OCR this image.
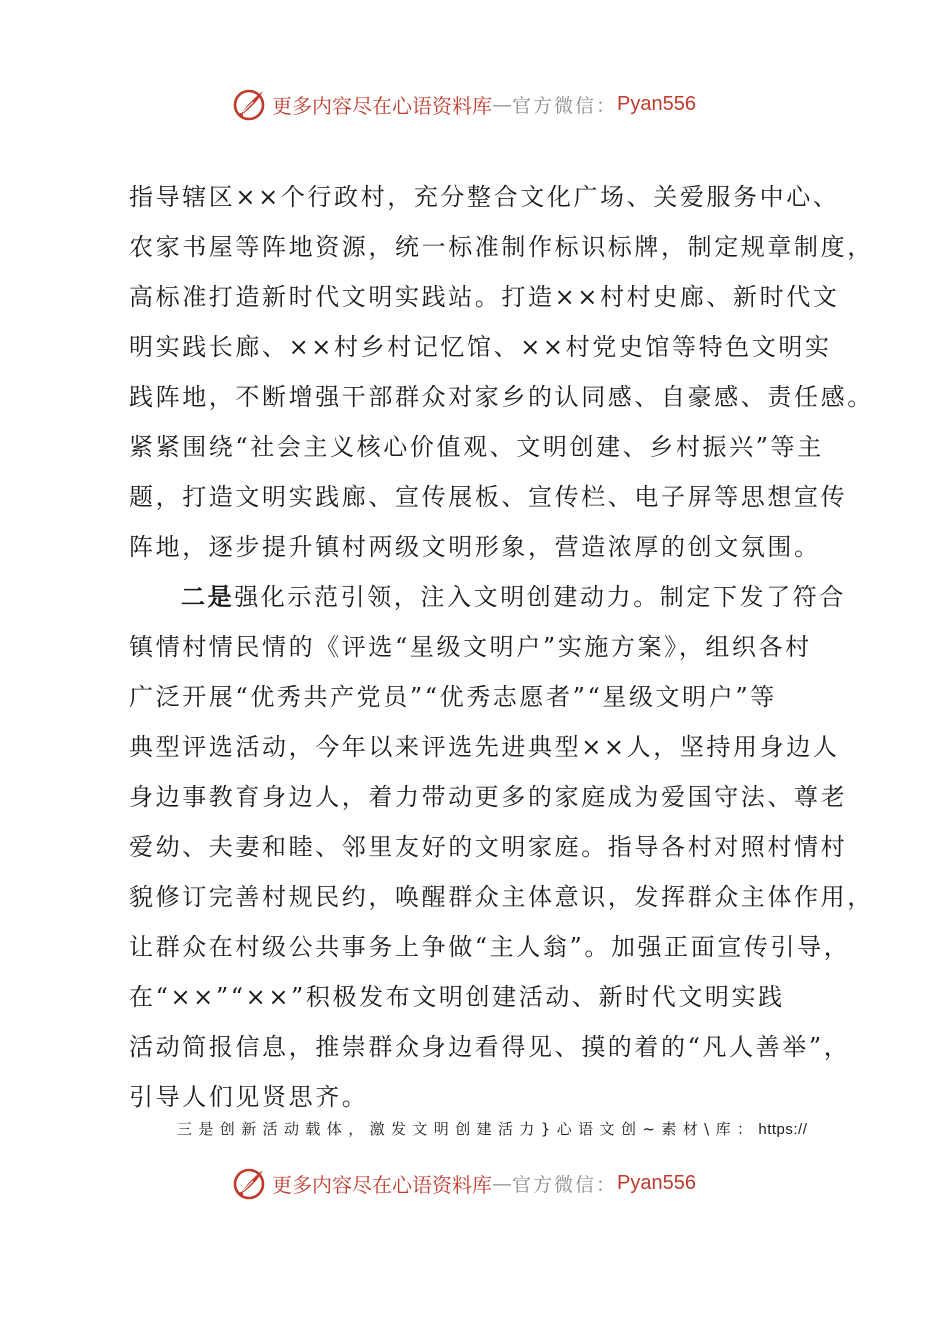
更多内容尽在心语资料库 — 官方微信： Pyan556
指导辖区××个行政村，充分整合文化广场、关爱服务中心、
农家书屋等阵地资源，统一标准制作标识标牌，制定规章制度，
高标准打造新时代文明实践站。打造××村村史廊、新时代文
明实践长廊、××村乡村记忆馆、××村党史馆等特色文明实
践阵地，不断增强干部群众对家乡的认同感、自豪感、责任感。
紧紧围绕“社会主义核心价值观、文明创建、乡村振兴”等主
题，打造文明实践廊、宣传展板、宣传栏、电子屏等思想宣传
阵地，逐步提升镇村两级文明形象，营造浓厚的创文氛围。
二是强化示范引领，注入文明创建动力。制定下发了符合
镇情村情民情的《评选“星级文明户”实施方案》，组织各村
广泛开展“优秀共产党员”“优秀志愿者”“星级文明户”等
典型评选活动，今年以来评选先进典型××人，坚持用身边人
身边事教育身边人，着力带动更多的家庭成为爱国守法、尊老
爱幼、夫妻和睦、邻里友好的文明家庭。指导各村对照村情村
貌修订完善村规民约，唤醒群众主体意识，发挥群众主体作用，
让群众在村级公共事务上争做“主人翁”。加强正面宣传引导，
在“××”“××”积极发布文明创建活动、新时代文明实践
活动简报信息，推崇群众身边看得见、摸的着的“凡人善举”，
引导人们见贤思齐。
三是创新活动载体，激发文明创建活力}心语文创~素材\库：https://
更多内容尽在心语资料库 — 官方微信： Pyan556
